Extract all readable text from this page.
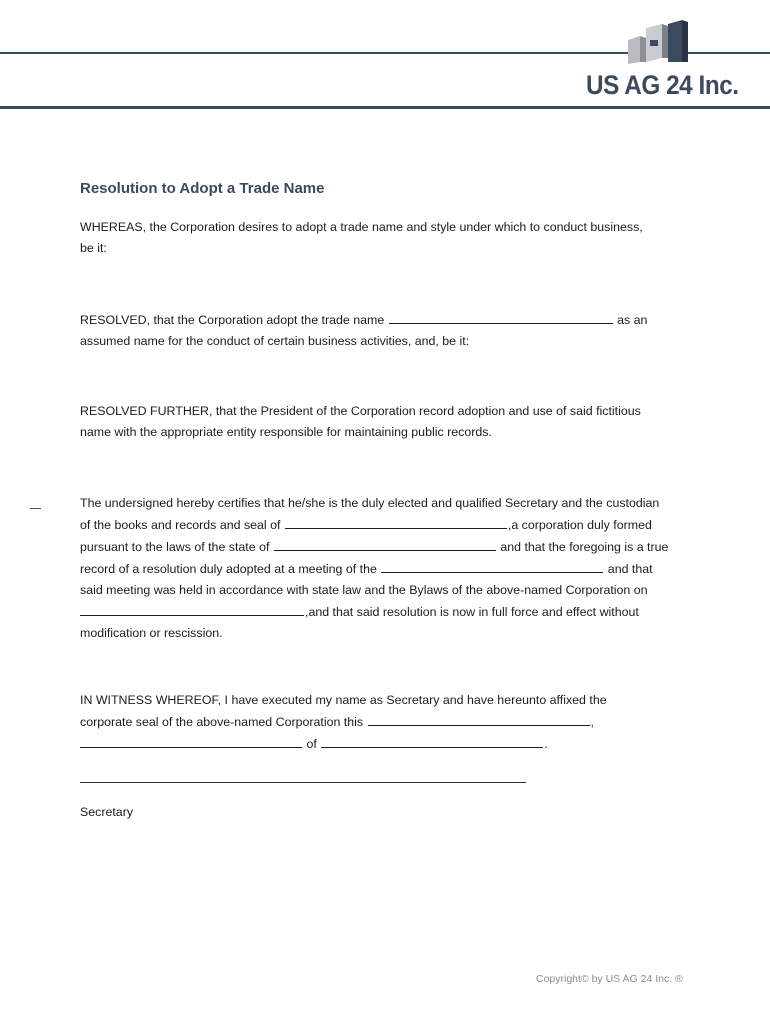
US AG 24 Inc.
Resolution to Adopt a Trade Name
WHEREAS, the Corporation desires to adopt a trade name and style under which to conduct business,
be it:
RESOLVED, that the Corporation adopt the trade name	as an
assumed name for the conduct of certain business activities, and, be it:
RESOLVED FURTHER, that the President of the Corporation record adoption and use of said fictitious
name with the appropriate entity responsible for maintaining public records.
The undersigned hereby certifies that he/she is the duly elected and qualified Secretary and the custodian
of the books and records and seal of	,a corporation duly formed
pursuant to the laws of the state of	and that the foregoing is a true
record of a resolution duly adopted at a meeting of the	and that
said meeting was held in accordance with state law and the Bylaws of the above-named Corporation on
,and that said resolution is now in full force and effect without
modification or rescission.
IN WITNESS WHEREOF, I have executed my name as Secretary and have hereunto affixed the
corporate seal of the above-named Corporation this	,
of	.
Secretary
Copyright© by US AG 24 Inc. ®
